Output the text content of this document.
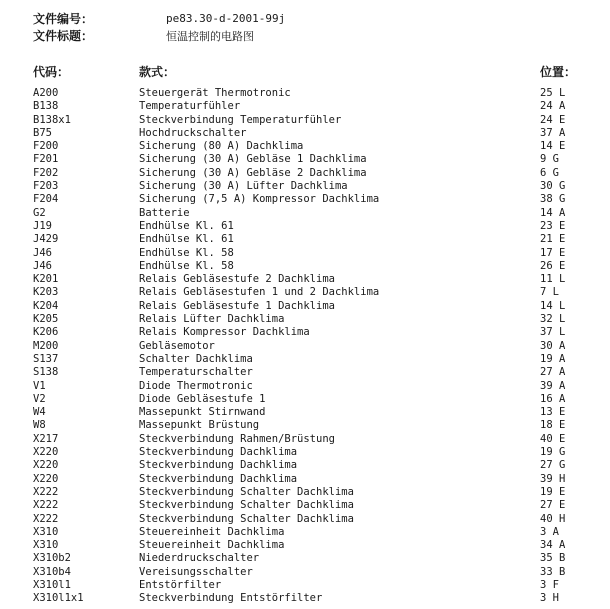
文件编号：	pe83.30-d-2001-99j
文件标题：	恒温控制的电路图
代码：	款式：	位置：
A200	Steuergerät Thermotronic	25 L
B138	Temperaturfühler	24 A
B138x1	Steckverbindung Temperaturfühler	24 E
B75	Hochdruckschalter	37 A
F200	Sicherung (80 A) Dachklima	14 E
F201	Sicherung (30 A) Gebläse 1 Dachklima	9 G
F202	Sicherung (30 A) Gebläse 2 Dachklima	6 G
F203	Sicherung (30 A) Lüfter Dachklima	30 G
F204	Sicherung (7,5 A) Kompressor Dachklima	38 G
G2	Batterie	14 A
J19	Endhülse Kl. 61	23 E
J429	Endhülse Kl. 61	21 E
J46	Endhülse Kl. 58	17 E
J46	Endhülse Kl. 58	26 E
K201	Relais Gebläsestufe 2 Dachklima	11 L
K203	Relais Gebläsestufen 1 und 2 Dachklima	7 L
K204	Relais Gebläsestufe 1 Dachklima	14 L
K205	Relais Lüfter Dachklima	32 L
K206	Relais Kompressor Dachklima	37 L
M200	Gebläsemotor	30 A
S137	Schalter Dachklima	19 A
S138	Temperaturschalter	27 A
V1	Diode Thermotronic	39 A
V2	Diode Gebläsestufe 1	16 A
W4	Massepunkt Stirnwand	13 E
W8	Massepunkt Brüstung	18 E
X217	Steckverbindung Rahmen/Brüstung	40 E
X220	Steckverbindung Dachklima	19 G
X220	Steckverbindung Dachklima	27 G
X220	Steckverbindung Dachklima	39 H
X222	Steckverbindung Schalter Dachklima	19 E
X222	Steckverbindung Schalter Dachklima	27 E
X222	Steckverbindung Schalter Dachklima	40 H
X310	Steuereinheit Dachklima	3 A
X310	Steuereinheit Dachklima	34 A
X310b2	Niederdruckschalter	35 B
X310b4	Vereisungsschalter	33 B
X310l1	Entstörfilter	3 F
X310l1x1	Steckverbindung Entstörfilter	3 H
